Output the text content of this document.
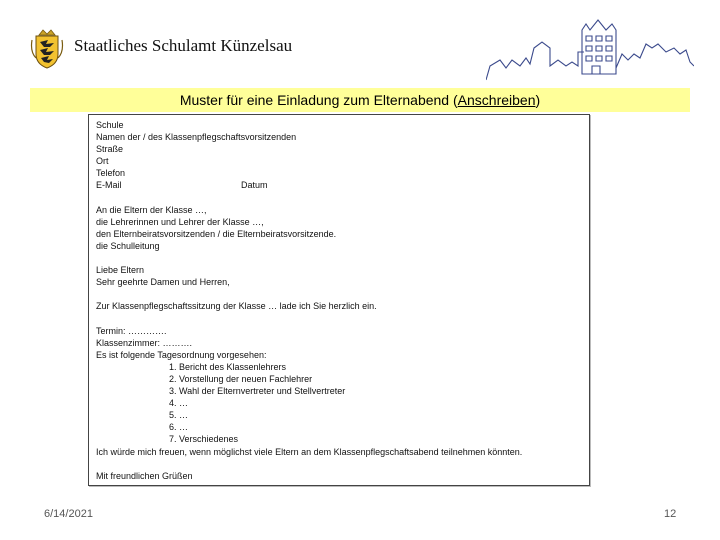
Staatliches Schulamt Künzelsau
Muster für eine Einladung zum Elternabend (Anschreiben)
Schule
Namen der / des Klassenpflegschaftsvorsitzenden
Straße
Ort
Telefon
E-Mail	Datum
An die Eltern der Klasse …,
die Lehrerinnen und Lehrer der Klasse …,
den Elternbeiratsvorsitzenden / die Elternbeiratsvorsitzende.
die Schulleitung
Liebe Eltern
Sehr geehrte Damen und Herren,
Zur Klassenpflegschaftssitzung der Klasse … lade ich Sie herzlich ein.
Termin: ………….
Klassenzimmer: ……….
Es ist folgende Tagesordnung vorgesehen:
1. Bericht des Klassenlehrers
2. Vorstellung der neuen Fachlehrer
3. Wahl der Elternvertreter und Stellvertreter
4. …
5. …
6. …
7. Verschiedenes
Ich würde mich freuen, wenn möglichst viele Eltern an dem Klassenpflegschaftsabend teilnehmen könnten.
Mit freundlichen Grüßen
6/14/2021	12
